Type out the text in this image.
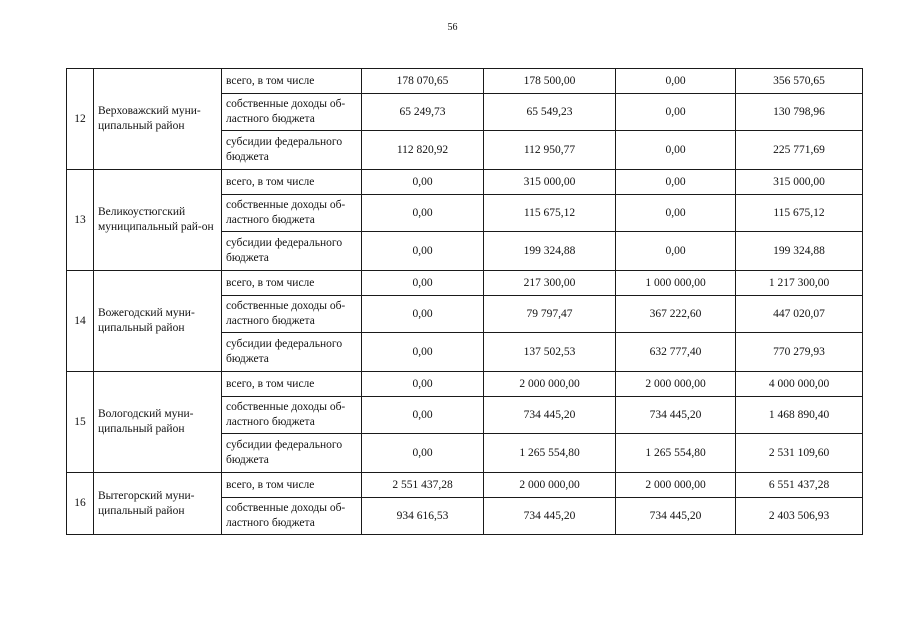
56
12	Верховажский муни-ципальный район	всего, в том числе	178 070,65	178 500,00	0,00	356 570,65
		собственные доходы об-ластного бюджета	65 249,73	65 549,23	0,00	130 798,96
		субсидии федерального бюджета	112 820,92	112 950,77	0,00	225 771,69
13	Великоустюгский муниципальный рай-он	всего, в том числе	0,00	315 000,00	0,00	315 000,00
		собственные доходы об-ластного бюджета	0,00	115 675,12	0,00	115 675,12
		субсидии федерального бюджета	0,00	199 324,88	0,00	199 324,88
14	Вожегодский муни-ципальный район	всего, в том числе	0,00	217 300,00	1 000 000,00	1 217 300,00
		собственные доходы об-ластного бюджета	0,00	79 797,47	367 222,60	447 020,07
		субсидии федерального бюджета	0,00	137 502,53	632 777,40	770 279,93
15	Вологодский муни-ципальный район	всего, в том числе	0,00	2 000 000,00	2 000 000,00	4 000 000,00
		собственные доходы об-ластного бюджета	0,00	734 445,20	734 445,20	1 468 890,40
		субсидии федерального бюджета	0,00	1 265 554,80	1 265 554,80	2 531 109,60
16	Вытегорский муни-ципальный район	всего, в том числе	2 551 437,28	2 000 000,00	2 000 000,00	6 551 437,28
		собственные доходы об-ластного бюджета	934 616,53	734 445,20	734 445,20	2 403 506,93
